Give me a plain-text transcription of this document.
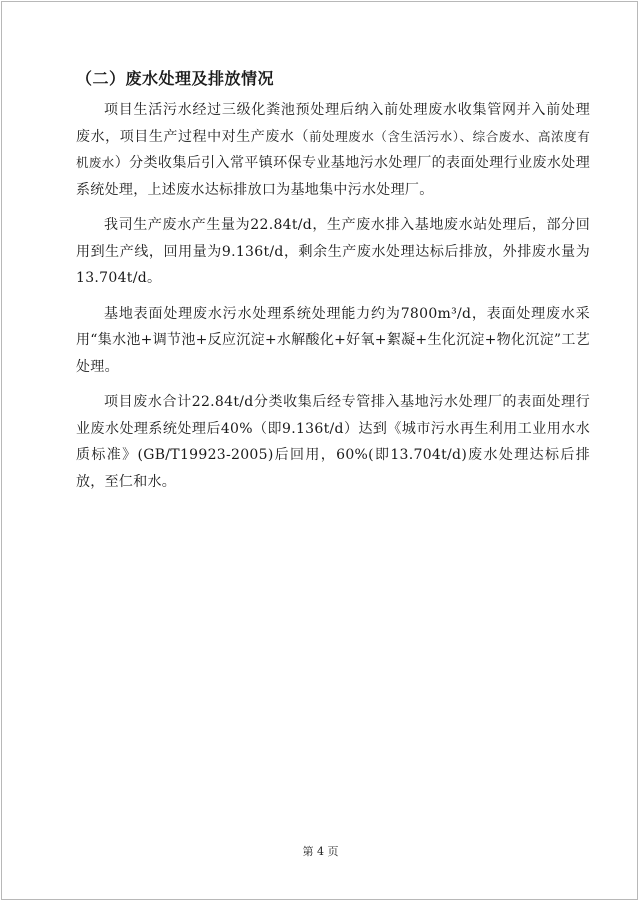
（二）废水处理及排放情况

项目生活污水经过三级化粪池预处理后纳入前处理废水收集管网并入前处理废水，项目生产过程中对生产废水（前处理废水（含生活污水）、综合废水、高浓度有机废水）分类收集后引入常平镇环保专业基地污水处理厂的表面处理行业废水处理系统处理，上述废水达标排放口为基地集中污水处理厂。

我司生产废水产生量为22.84t/d，生产废水排入基地废水站处理后，部分回用到生产线，回用量为9.136t/d，剩余生产废水处理达标后排放，外排废水量为13.704t/d。

基地表面处理废水污水处理系统处理能力约为7800m³/d，表面处理废水采用“集水池+调节池+反应沉淀+水解酸化+好氧+絮凝+生化沉淀+物化沉淀”工艺处理。

项目废水合计22.84t/d分类收集后经专管排入基地污水处理厂的表面处理行业废水处理系统处理后40%（即9.136t/d）达到《城市污水再生利用工业用水水质标准》(GB/T19923-2005)后回用，60%(即13.704t/d)废水处理达标后排放，至仁和水。

第 4 页
